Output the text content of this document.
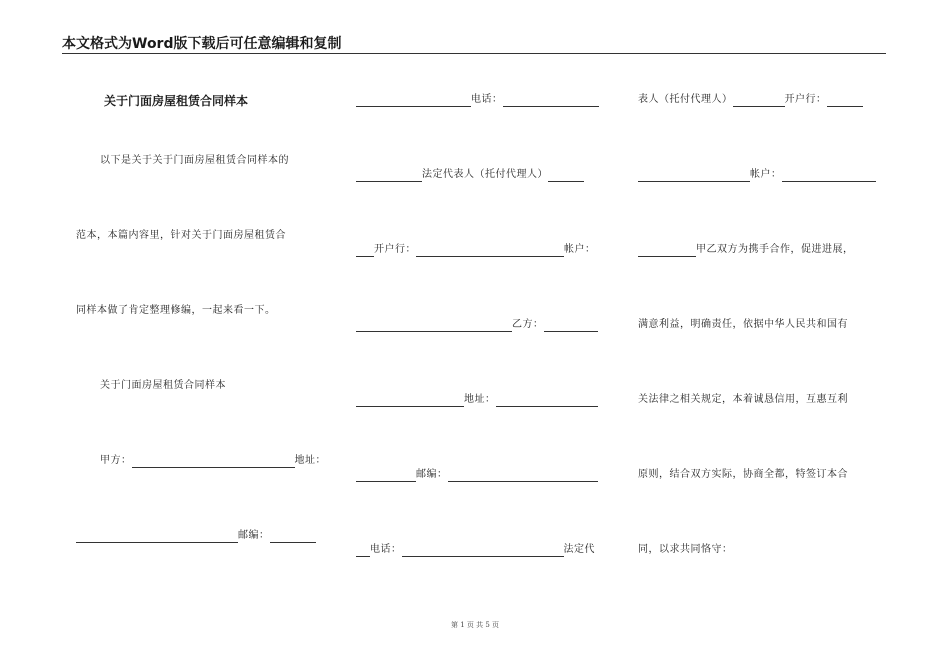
本文格式为Word版下载后可任意编辑和复制
关于门面房屋租赁合同样本
以下是关于关于门面房屋租赁合同样本的
范本，本篇内容里，针对关于门面房屋租赁合
同样本做了肯定整理修编，一起来看一下。
关于门面房屋租赁合同样本
甲方：	地址：
邮编：
电话：
法定代表人（托付代理人）
开户行：	帐户：
乙方：
地址：
邮编：
电话：	法定代
表人（托付代理人）	开户行：
帐户：
甲乙双方为携手合作，促进进展，
满意利益，明确责任，依据中华人民共和国有
关法律之相关规定，本着诚恳信用，互惠互利
原则，结合双方实际，协商全都，特签订本合
同，以求共同恪守：
第 1 页 共 5 页
